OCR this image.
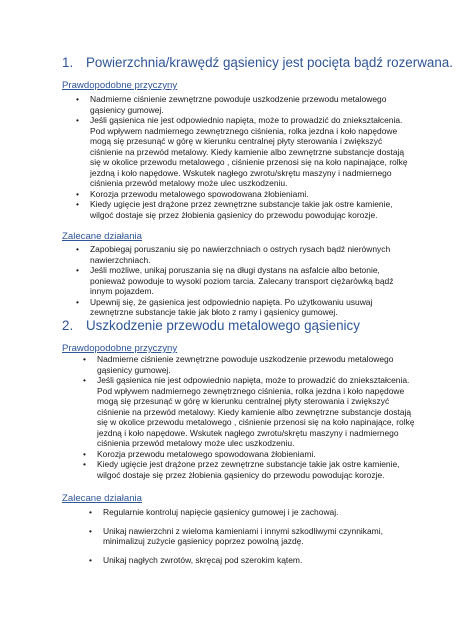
1. Powierzchnia/krawędź gąsienicy jest pocięta bądź rozerwana.
Prawdopodobne przyczyny
• Nadmierne ciśnienie zewnętrzne powoduje uszkodzenie przewodu metalowego gąsienicy gumowej.
• Jeśli gąsienica nie jest odpowiednio napięta, może to prowadzić do zniekształcenia. Pod wpływem nadmiernego zewnętrznego ciśnienia, rolka jezdna i koło napędowe mogą się przesunąć w górę w kierunku centralnej płyty sterowania i zwiększyć ciśnienie na przewód metalowy. Kiedy kamienie albo zewnętrzne substancje dostają się w okolice przewodu metalowego , ciśnienie przenosi się na koło napinające, rolkę jezdną i koło napędowe. Wskutek nagłego zwrotu/skrętu maszyny i nadmiernego ciśnienia przewód metalowy może ulec uszkodzeniu.
• Korozja przewodu metalowego spowodowana żłobieniami.
• Kiedy ugięcie jest drążone przez zewnętrzne substancje takie jak ostre kamienie, wilgoć dostaje się przez żłobienia gąsienicy do przewodu powodując korozje.
Zalecane działania
• Zapobiegaj poruszaniu się po nawierzchniach o ostrych rysach bądź nierównych nawierzchniach.
• Jeśli możliwe, unikaj poruszania się na długi dystans na asfalcie albo betonie, ponieważ powoduje to wysoki poziom tarcia. Zalecany transport ciężarówką bądź innym pojazdem.
• Upewnij się, że gąsienica jest odpowiednio napięta. Po użytkowaniu usuwaj zewnętrzne substancje takie jak błoto z ramy i gąsienicy gumowej.
2. Uszkodzenie przewodu metalowego gąsienicy
Prawdopodobne przyczyny
• Nadmierne ciśnienie zewnętrzne powoduje uszkodzenie przewodu metalowego gąsienicy gumowej.
• Jeśli gąsienica nie jest odpowiednio napięta, może to prowadzić do zniekształcenia. Pod wpływem nadmiernego zewnętrznego ciśnienia, rolka jezdna i koło napędowe mogą się przesunąć w górę w kierunku centralnej płyty sterowania i zwiększyć ciśnienie na przewód metalowy. Kiedy kamienie albo zewnętrzne substancje dostają się w okolice przewodu metalowego , ciśnienie przenosi się na koło napinające, rolkę jezdną i koło napędowe. Wskutek nagłego zwrotu/skrętu maszyny i nadmiernego ciśnienia przewód metalowy może ulec uszkodzeniu.
• Korozja przewodu metalowego spowodowana żłobieniami.
• Kiedy ugięcie jest drążone przez zewnętrzne substancje takie jak ostre kamienie, wilgoć dostaje się przez żłobienia gąsienicy do przewodu powodując korozje.
Zalecane działania
• Regularnie kontroluj napięcie gąsienicy gumowej i je zachowaj.
• Unikaj nawierzchni z wieloma kamieniami i innymi szkodliwymi czynnikami, minimalizuj zużycie gąsienicy poprzez powolną jazdę.
• Unikaj nagłych zwrotów, skręcaj pod szerokim kątem.
